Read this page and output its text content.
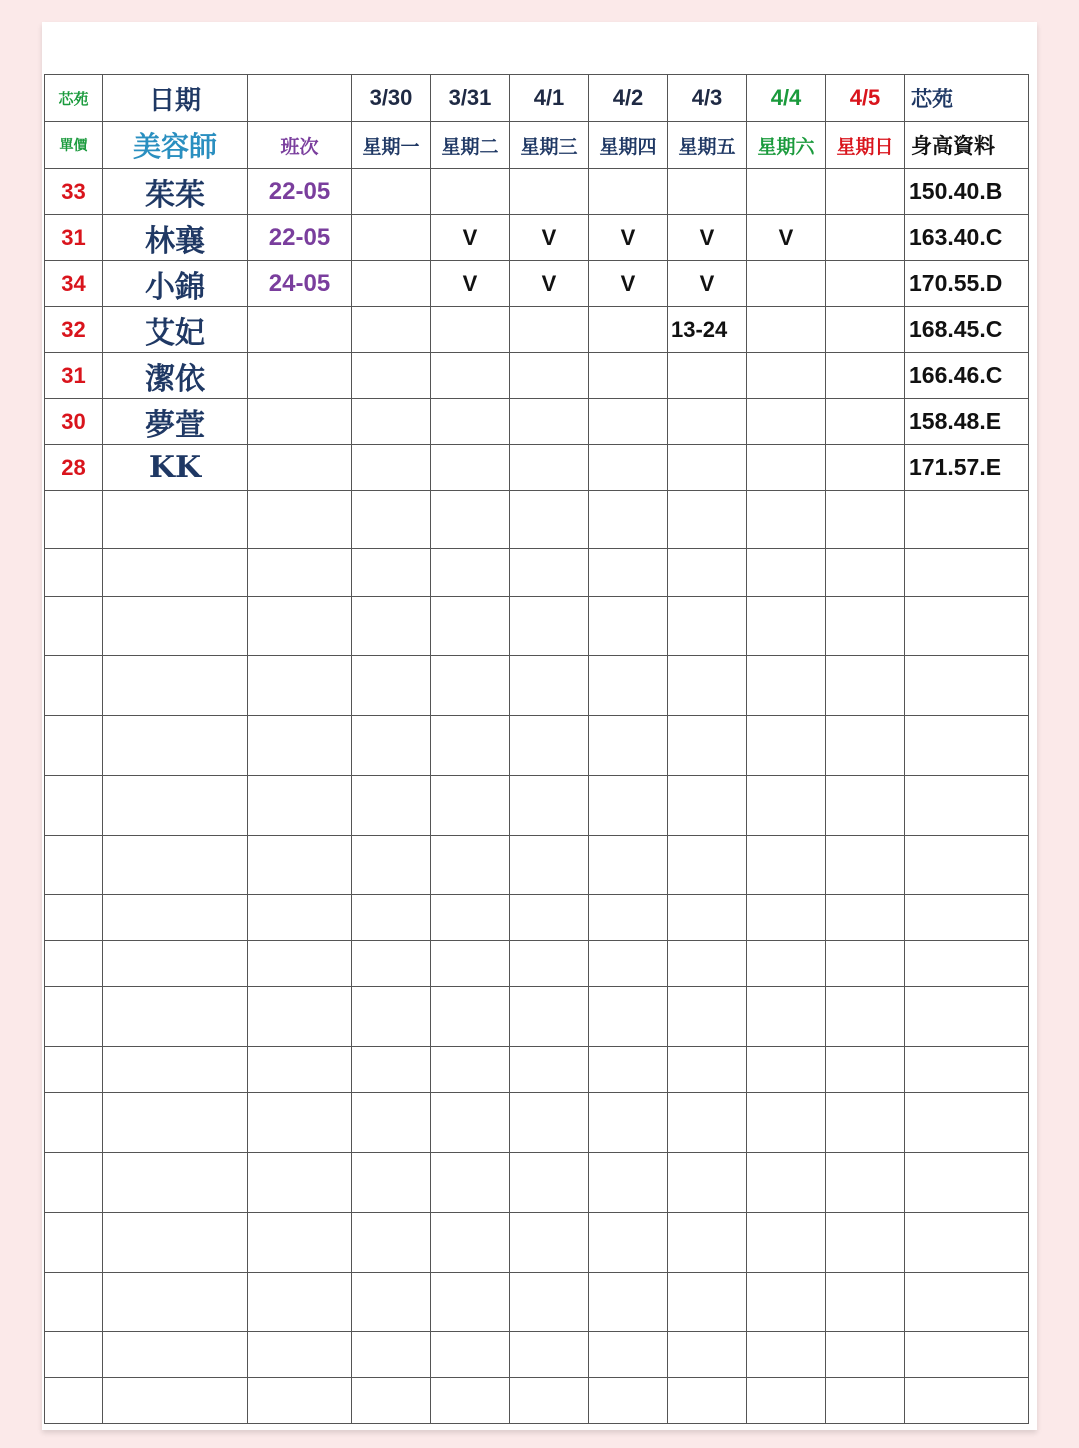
芯苑	日期		3/30	3/31	4/1	4/2	4/3	4/4	4/5	芯苑
單價	美容師	班次	星期一	星期二	星期三	星期四	星期五	星期六	星期日	身高資料
33	茱茱	22-05								150.40.B
31	林襄	22-05		V	V	V	V	V		163.40.C
34	小錦	24-05		V	V	V	V			170.55.D
32	艾妃						13-24			168.45.C
31	潔依									166.46.C
30	夢萱									158.48.E
28	KK									171.57.E
